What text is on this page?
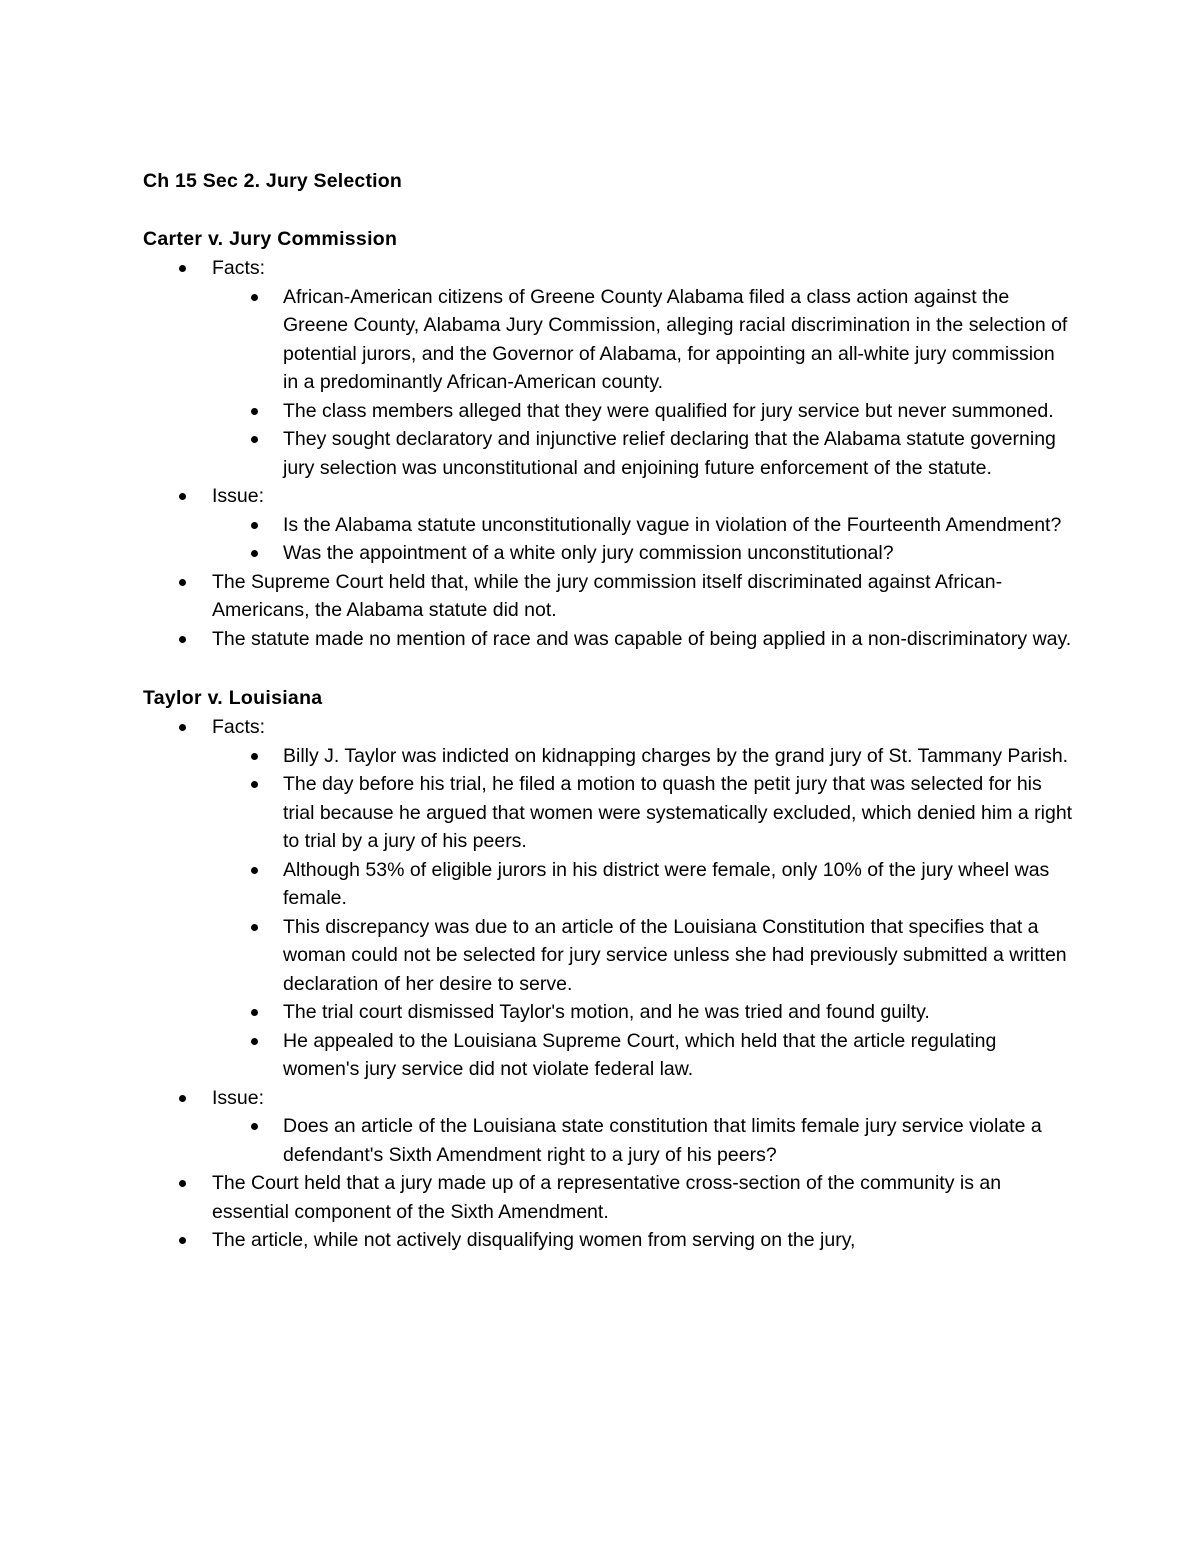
Ch 15 Sec 2. Jury Selection
Carter v. Jury Commission
Facts:
African-American citizens of Greene County Alabama filed a class action against the Greene County, Alabama Jury Commission, alleging racial discrimination in the selection of potential jurors, and the Governor of Alabama, for appointing an all-white jury commission in a predominantly African-American county.
The class members alleged that they were qualified for jury service but never summoned.
They sought declaratory and injunctive relief declaring that the Alabama statute governing jury selection was unconstitutional and enjoining future enforcement of the statute.
Issue:
Is the Alabama statute unconstitutionally vague in violation of the Fourteenth Amendment?
Was the appointment of a white only jury commission unconstitutional?
The Supreme Court held that, while the jury commission itself discriminated against African-Americans, the Alabama statute did not.
The statute made no mention of race and was capable of being applied in a non-discriminatory way.
Taylor v. Louisiana
Facts:
Billy J. Taylor was indicted on kidnapping charges by the grand jury of St. Tammany Parish.
The day before his trial, he filed a motion to quash the petit jury that was selected for his trial because he argued that women were systematically excluded, which denied him a right to trial by a jury of his peers.
Although 53% of eligible jurors in his district were female, only 10% of the jury wheel was female.
This discrepancy was due to an article of the Louisiana Constitution that specifies that a woman could not be selected for jury service unless she had previously submitted a written declaration of her desire to serve.
The trial court dismissed Taylor's motion, and he was tried and found guilty.
He appealed to the Louisiana Supreme Court, which held that the article regulating women's jury service did not violate federal law.
Issue:
Does an article of the Louisiana state constitution that limits female jury service violate a defendant's Sixth Amendment right to a jury of his peers?
The Court held that a jury made up of a representative cross-section of the community is an essential component of the Sixth Amendment.
The article, while not actively disqualifying women from serving on the jury,
